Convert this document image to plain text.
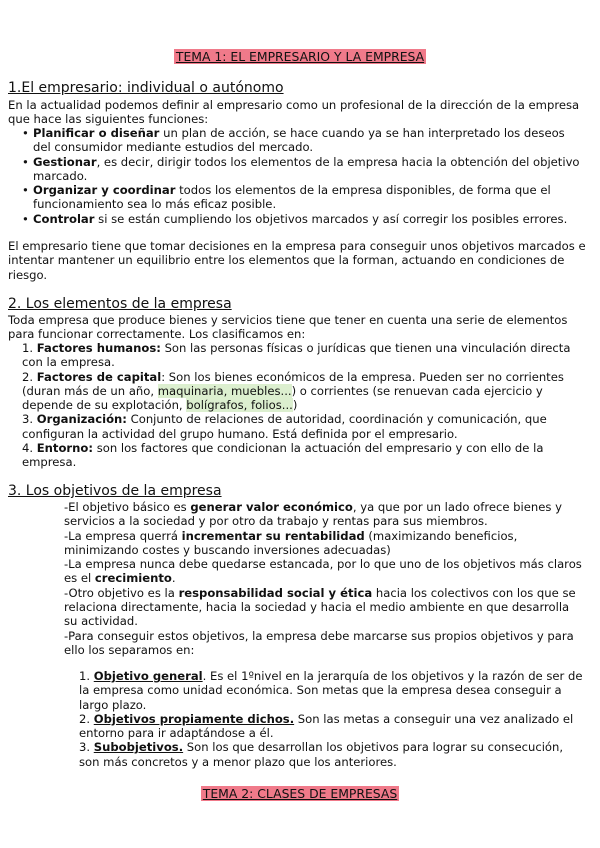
TEMA 1: EL EMPRESARIO Y LA EMPRESA
1.El empresario: individual o autónomo
En la actualidad podemos definir al empresario como un profesional de la dirección de la empresa que hace las siguientes funciones:
• Planificar o diseñar un plan de acción, se hace cuando ya se han interpretado los deseos del consumidor mediante estudios del mercado.
• Gestionar, es decir, dirigir todos los elementos de la empresa hacia la obtención del objetivo marcado.
• Organizar y coordinar todos los elementos de la empresa disponibles, de forma que el funcionamiento sea lo más eficaz posible.
• Controlar si se están cumpliendo los objetivos marcados y así corregir los posibles errores.
El empresario tiene que tomar decisiones en la empresa para conseguir unos objetivos marcados e intentar mantener un equilibrio entre los elementos que la forman, actuando en condiciones de riesgo.
2. Los elementos de la empresa
Toda empresa que produce bienes y servicios tiene que tener en cuenta una serie de elementos para funcionar correctamente. Los clasificamos en:
1. Factores humanos: Son las personas físicas o jurídicas que tienen una vinculación directa con la empresa.
2. Factores de capital: Son los bienes económicos de la empresa. Pueden ser no corrientes (duran más de un año, maquinaria, muebles...) o corrientes (se renuevan cada ejercicio y depende de su explotación, bolígrafos, folios...)
3. Organización: Conjunto de relaciones de autoridad, coordinación y comunicación, que configuran la actividad del grupo humano. Está definida por el empresario.
4. Entorno: son los factores que condicionan la actuación del empresario y con ello de la empresa.
3. Los objetivos de la empresa
-El objetivo básico es generar valor económico, ya que por un lado ofrece bienes y servicios a la sociedad y por otro da trabajo y rentas para sus miembros.
-La empresa querrá incrementar su rentabilidad (maximizando beneficios, minimizando costes y buscando inversiones adecuadas)
-La empresa nunca debe quedarse estancada, por lo que uno de los objetivos más claros es el crecimiento.
-Otro objetivo es la responsabilidad social y ética hacia los colectivos con los que se relaciona directamente, hacia la sociedad y hacia el medio ambiente en que desarrolla su actividad.
-Para conseguir estos objetivos, la empresa debe marcarse sus propios objetivos y para ello los separamos en:
1. Objetivo general. Es el 1ºnivel en la jerarquía de los objetivos y la razón de ser de la empresa como unidad económica. Son metas que la empresa desea conseguir a largo plazo.
2. Objetivos propiamente dichos. Son las metas a conseguir una vez analizado el entorno para ir adaptándose a él.
3. Subobjetivos. Son los que desarrollan los objetivos para lograr su consecución, son más concretos y a menor plazo que los anteriores.
TEMA 2: CLASES DE EMPRESAS
